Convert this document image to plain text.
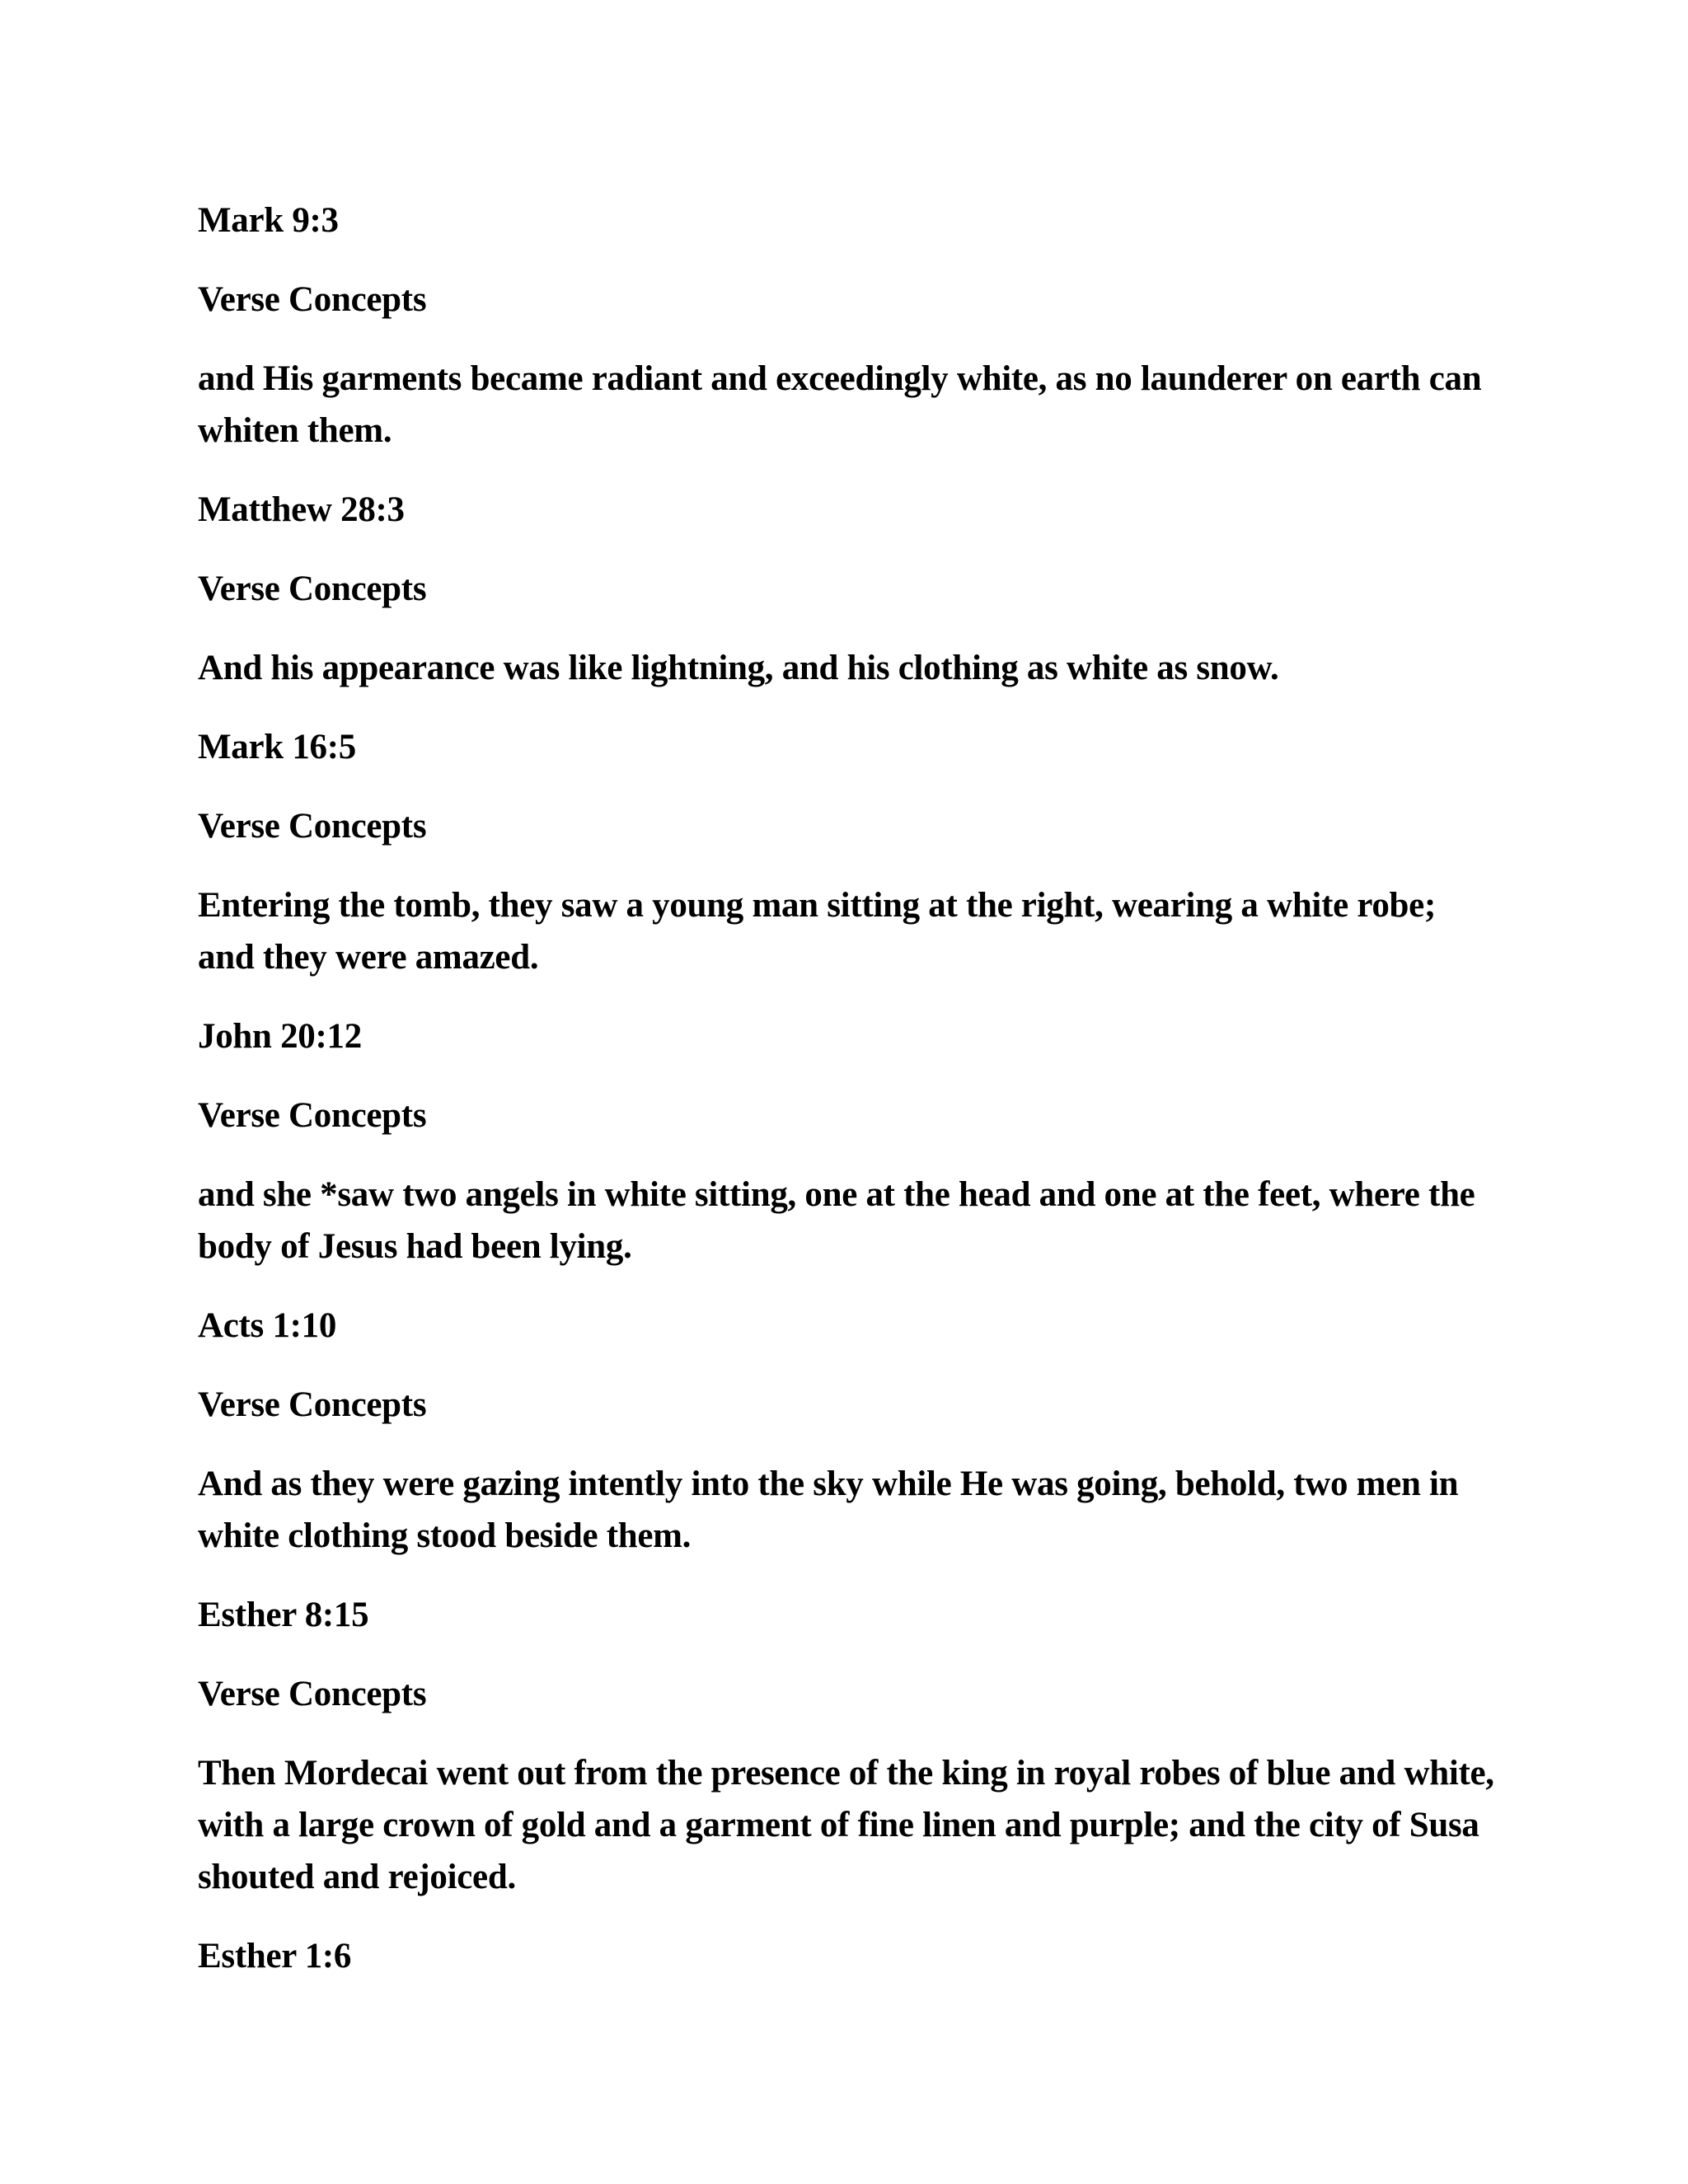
Mark 9:3

Verse Concepts

and His garments became radiant and exceedingly white, as no launderer on earth can whiten them.

Matthew 28:3

Verse Concepts

And his appearance was like lightning, and his clothing as white as snow.

Mark 16:5

Verse Concepts

Entering the tomb, they saw a young man sitting at the right, wearing a white robe; and they were amazed.

John 20:12

Verse Concepts

and she *saw two angels in white sitting, one at the head and one at the feet, where the body of Jesus had been lying.

Acts 1:10

Verse Concepts

And as they were gazing intently into the sky while He was going, behold, two men in white clothing stood beside them.

Esther 8:15

Verse Concepts

Then Mordecai went out from the presence of the king in royal robes of blue and white, with a large crown of gold and a garment of fine linen and purple; and the city of Susa shouted and rejoiced.

Esther 1:6
